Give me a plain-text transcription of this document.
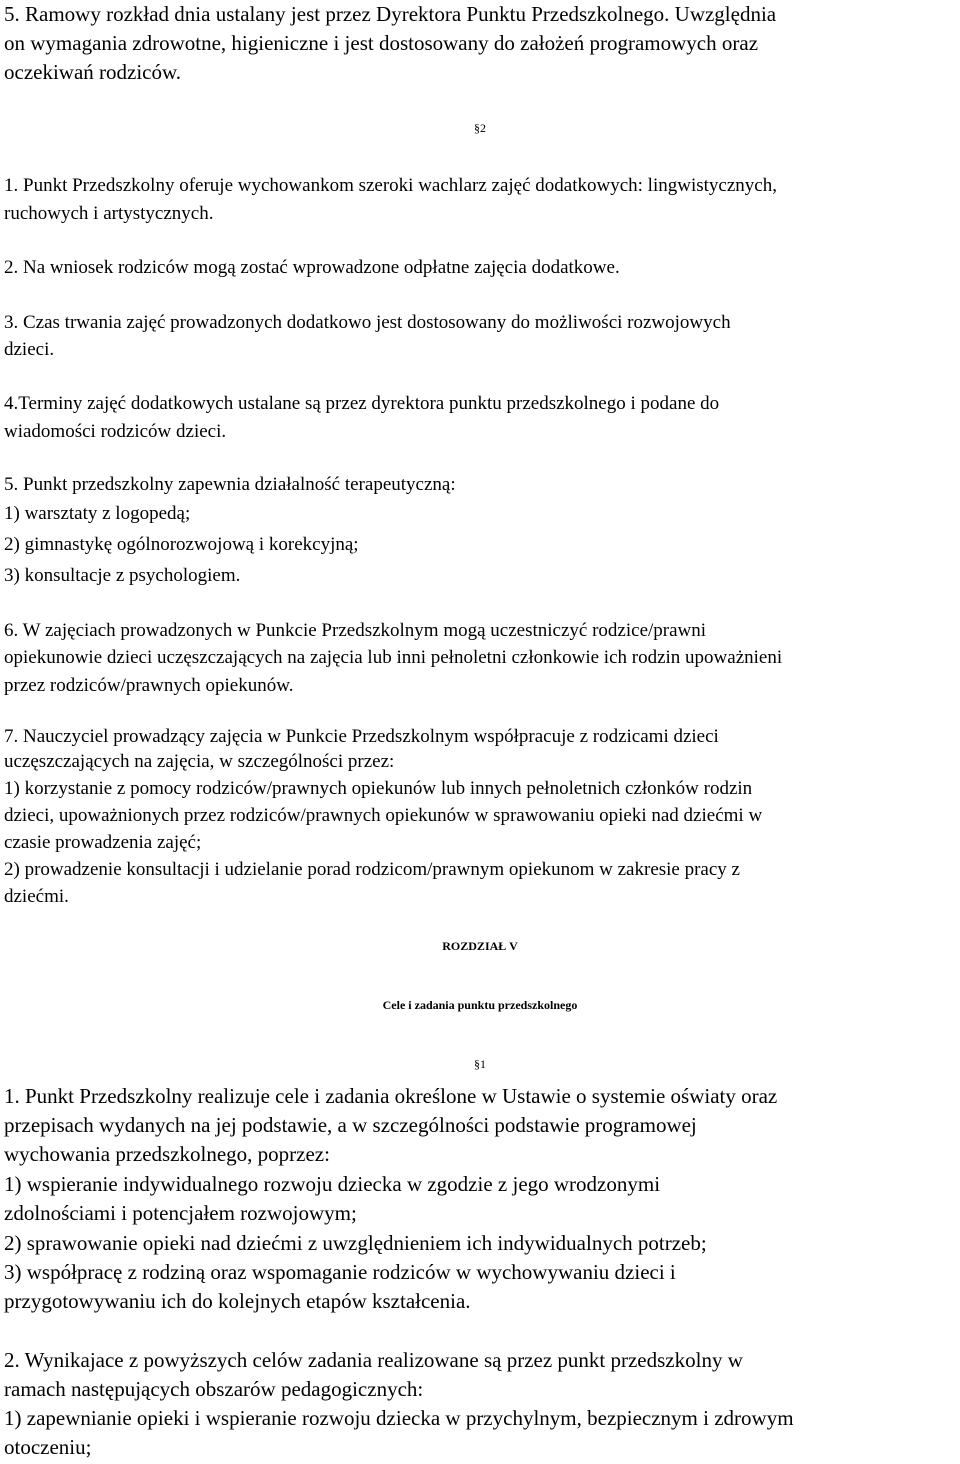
5. Ramowy rozkład dnia ustalany jest przez Dyrektora Punktu Przedszkolnego. Uwzględnia
on wymagania zdrowotne, higieniczne i jest dostosowany do założeń programowych oraz
oczekiwań rodziców.
§2
1. Punkt Przedszkolny oferuje wychowankom szeroki wachlarz zajęć dodatkowych: lingwistycznych,
ruchowych i artystycznych.
2. Na wniosek rodziców mogą zostać wprowadzone odpłatne zajęcia dodatkowe.
3. Czas trwania zajęć prowadzonych dodatkowo jest dostosowany do możliwości rozwojowych
dzieci.
4.Terminy zajęć dodatkowych ustalane są przez dyrektora punktu przedszkolnego i podane do
wiadomości rodziców dzieci.
5. Punkt przedszkolny zapewnia działalność terapeutyczną:
1) warsztaty z logopedą;
2) gimnastykę ogólnorozwojową i korekcyjną;
3) konsultacje z psychologiem.
6. W zajęciach prowadzonych w Punkcie Przedszkolnym mogą uczestniczyć rodzice/prawni
opiekunowie dzieci uczęszczających na zajęcia lub inni pełnoletni członkowie ich rodzin upoważnieni
przez rodziców/prawnych opiekunów.
7. Nauczyciel prowadzący zajęcia w Punkcie Przedszkolnym współpracuje z rodzicami dzieci
uczęszczających na zajęcia, w szczególności przez:
1) korzystanie z pomocy rodziców/prawnych opiekunów lub innych pełnoletnich członków rodzin
dzieci, upoważnionych przez rodziców/prawnych opiekunów w sprawowaniu opieki nad dziećmi w
czasie prowadzenia zajęć;
2) prowadzenie konsultacji i udzielanie porad rodzicom/prawnym opiekunom w zakresie pracy z
dziećmi.
ROZDZIAŁ V
Cele i zadania punktu przedszkolnego
§1
1. Punkt Przedszkolny realizuje cele i zadania określone w Ustawie o systemie oświaty oraz
przepisach wydanych na jej podstawie, a w szczególności podstawie programowej
wychowania przedszkolnego, poprzez:
1) wspieranie indywidualnego rozwoju dziecka w zgodzie z jego wrodzonymi
zdolnościami i potencjałem rozwojowym;
2) sprawowanie opieki nad dziećmi z uwzględnieniem ich indywidualnych potrzeb;
3) współpracę z rodziną oraz wspomaganie rodziców w wychowywaniu dzieci i
przygotowywaniu ich do kolejnych etapów kształcenia.
2. Wynikajace z powyższych celów zadania realizowane są przez punkt przedszkolny w
ramach następujących obszarów pedagogicznych:
1) zapewnianie opieki i wspieranie rozwoju dziecka w przychylnym, bezpiecznym i zdrowym
otoczeniu;
